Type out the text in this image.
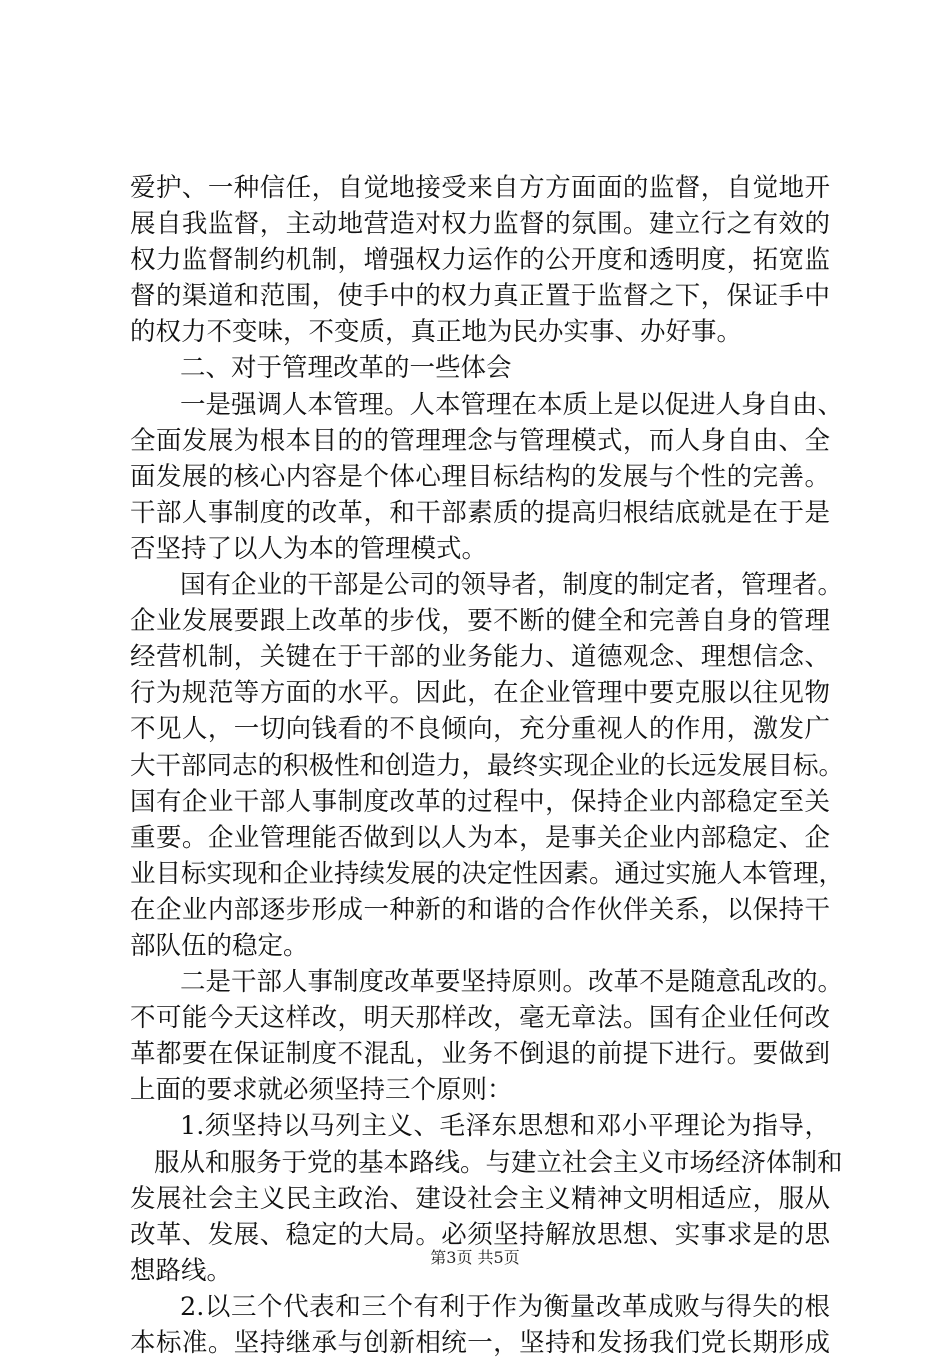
爱护、一种信任，自觉地接受来自方方面面的监督，自觉地开
展自我监督，主动地营造对权力监督的氛围。建立行之有效的
权力监督制约机制，增强权力运作的公开度和透明度，拓宽监
督的渠道和范围，使手中的权力真正置于监督之下，保证手中
的权力不变味，不变质，真正地为民办实事、办好事。
二、对于管理改革的一些体会
一是强调人本管理。人本管理在本质上是以促进人身自由、
全面发展为根本目的的管理理念与管理模式，而人身自由、全
面发展的核心内容是个体心理目标结构的发展与个性的完善。
干部人事制度的改革，和干部素质的提高归根结底就是在于是
否坚持了以人为本的管理模式。
国有企业的干部是公司的领导者，制度的制定者，管理者。
企业发展要跟上改革的步伐，要不断的健全和完善自身的管理
经营机制，关键在于干部的业务能力、道德观念、理想信念、
行为规范等方面的水平。因此，在企业管理中要克服以往见物
不见人，一切向钱看的不良倾向，充分重视人的作用，激发广
大干部同志的积极性和创造力，最终实现企业的长远发展目标。
国有企业干部人事制度改革的过程中，保持企业内部稳定至关
重要。企业管理能否做到以人为本，是事关企业内部稳定、企
业目标实现和企业持续发展的决定性因素。通过实施人本管理，
在企业内部逐步形成一种新的和谐的合作伙伴关系，以保持干
部队伍的稳定。
二是干部人事制度改革要坚持原则。改革不是随意乱改的。
不可能今天这样改，明天那样改，毫无章法。国有企业任何改
革都要在保证制度不混乱，业务不倒退的前提下进行。要做到
上面的要求就必须坚持三个原则：
1.须坚持以马列主义、毛泽东思想和邓小平理论为指导，
服从和服务于党的基本路线。与建立社会主义市场经济体制和
发展社会主义民主政治、建设社会主义精神文明相适应，服从
改革、发展、稳定的大局。必须坚持解放思想、实事求是的思
想路线。
2.以三个代表和三个有利于作为衡量改革成败与得失的根
本标准。坚持继承与创新相统一，坚持和发扬我们党长期形成
第3页 共5页
